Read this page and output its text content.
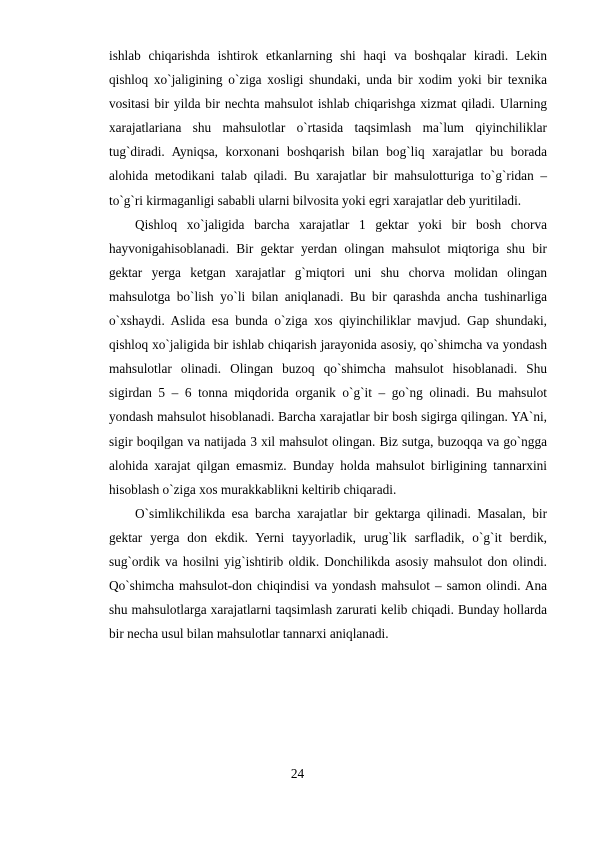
ishlab chiqarishda ishtirok etkanlarning shi haqi va boshqalar kiradi. Lekin qishloq xo`jaligining o`ziga xosligi shundaki, unda bir xodim yoki bir texnika vositasi bir yilda bir nechta mahsulot ishlab chiqarishga xizmat qiladi. Ularning xarajatlariana shu mahsulotlar o`rtasida taqsimlash ma`lum qiyinchiliklar tug`diradi. Ayniqsa, korxonani boshqarish bilan bog`liq xarajatlar bu borada alohida metodikani talab qiladi. Bu xarajatlar bir mahsulotturiga to`g`ridan – to`g`ri kirmaganligi sababli ularni bilvosita yoki egri xarajatlar deb yuritiladi.

Qishloq xo`jaligida barcha xarajatlar 1 gektar yoki bir bosh chorva hayvonigahisoblanadi. Bir gektar yerdan olingan mahsulot miqtoriga shu bir gektar yerga ketgan xarajatlar g`miqtori uni shu chorva molidan olingan mahsulotga bo`lish yo`li bilan aniqlanadi. Bu bir qarashda ancha tushinarliga o`xshaydi. Aslida esa bunda o`ziga xos qiyinchiliklar mavjud. Gap shundaki, qishloq xo`jaligida bir ishlab chiqarish jarayonida asosiy, qo`shimcha va yondash mahsulotlar olinadi. Olingan buzoq qo`shimcha mahsulot hisoblanadi. Shu sigirdan 5 – 6 tonna miqdorida organik o`g`it – go`ng olinadi. Bu mahsulot yondash mahsulot hisoblanadi. Barcha xarajatlar bir bosh sigirga qilingan. YA`ni, sigir boqilgan va natijada 3 xil mahsulot olingan. Biz sutga, buzoqqa va go`ngga alohida xarajat qilgan emasmiz. Bunday holda mahsulot birligining tannarxini hisoblash o`ziga xos murakkablikni keltirib chiqaradi.

O`simlikchilikda esa barcha xarajatlar bir gektarga qilinadi. Masalan, bir gektar yerga don ekdik. Yerni tayyorladik, urug`lik sarfladik, o`g`it berdik, sug`ordik va hosilni yig`ishtirib oldik. Donchilikda asosiy mahsulot don olindi. Qo`shimcha mahsulot-don chiqindisi va yondash mahsulot – samon olindi. Ana shu mahsulotlarga xarajatlarni taqsimlash zarurati kelib chiqadi. Bunday hollarda bir necha usul bilan mahsulotlar tannarxi aniqlanadi.

24
